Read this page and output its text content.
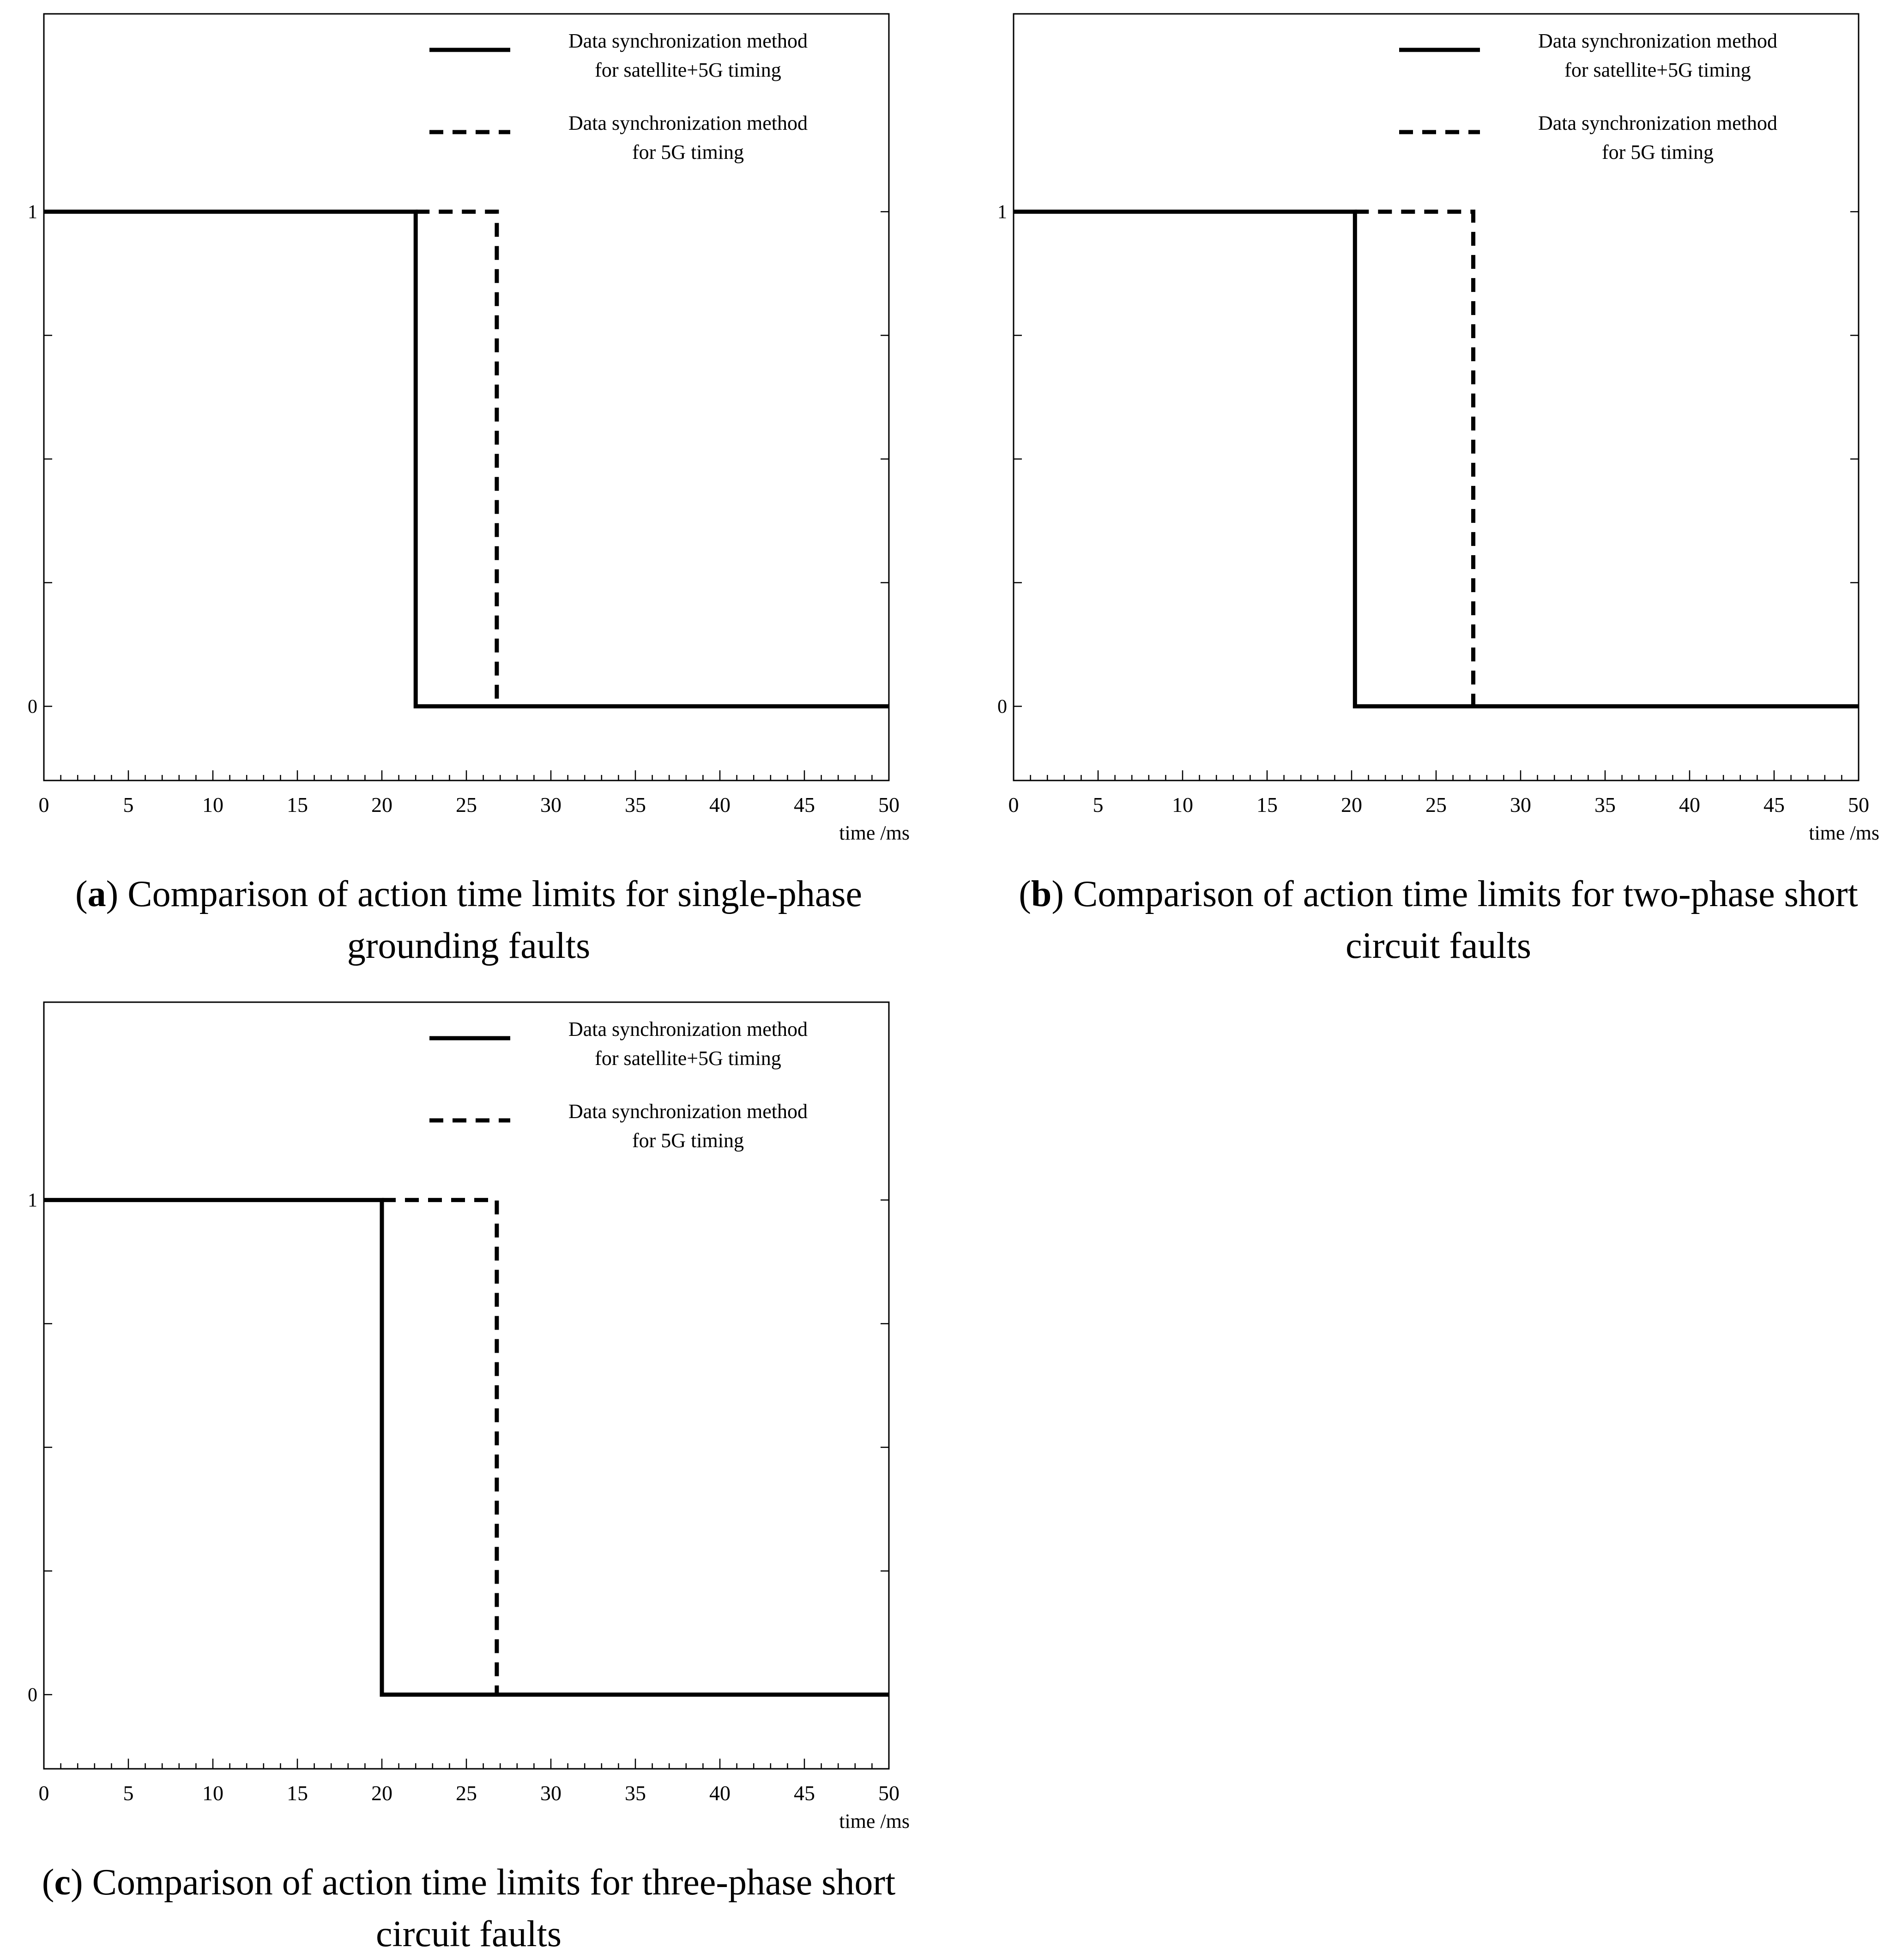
0	5	10	15	20	25	30	35	40	45	50
0
1
time /ms
Data synchronization method
for satellite+5G timing
Data synchronization method
for 5G timing
(a) Comparison of action time limits for single-phase grounding faults
0	5	10	15	20	25	30	35	40	45	50
0
1
time /ms
Data synchronization method
for satellite+5G timing
Data synchronization method
for 5G timing
(b) Comparison of action time limits for two-phase short circuit faults
0	5	10	15	20	25	30	35	40	45	50
0
1
time /ms
Data synchronization method
for satellite+5G timing
Data synchronization method
for 5G timing
(c) Comparison of action time limits for three-phase short circuit faults
